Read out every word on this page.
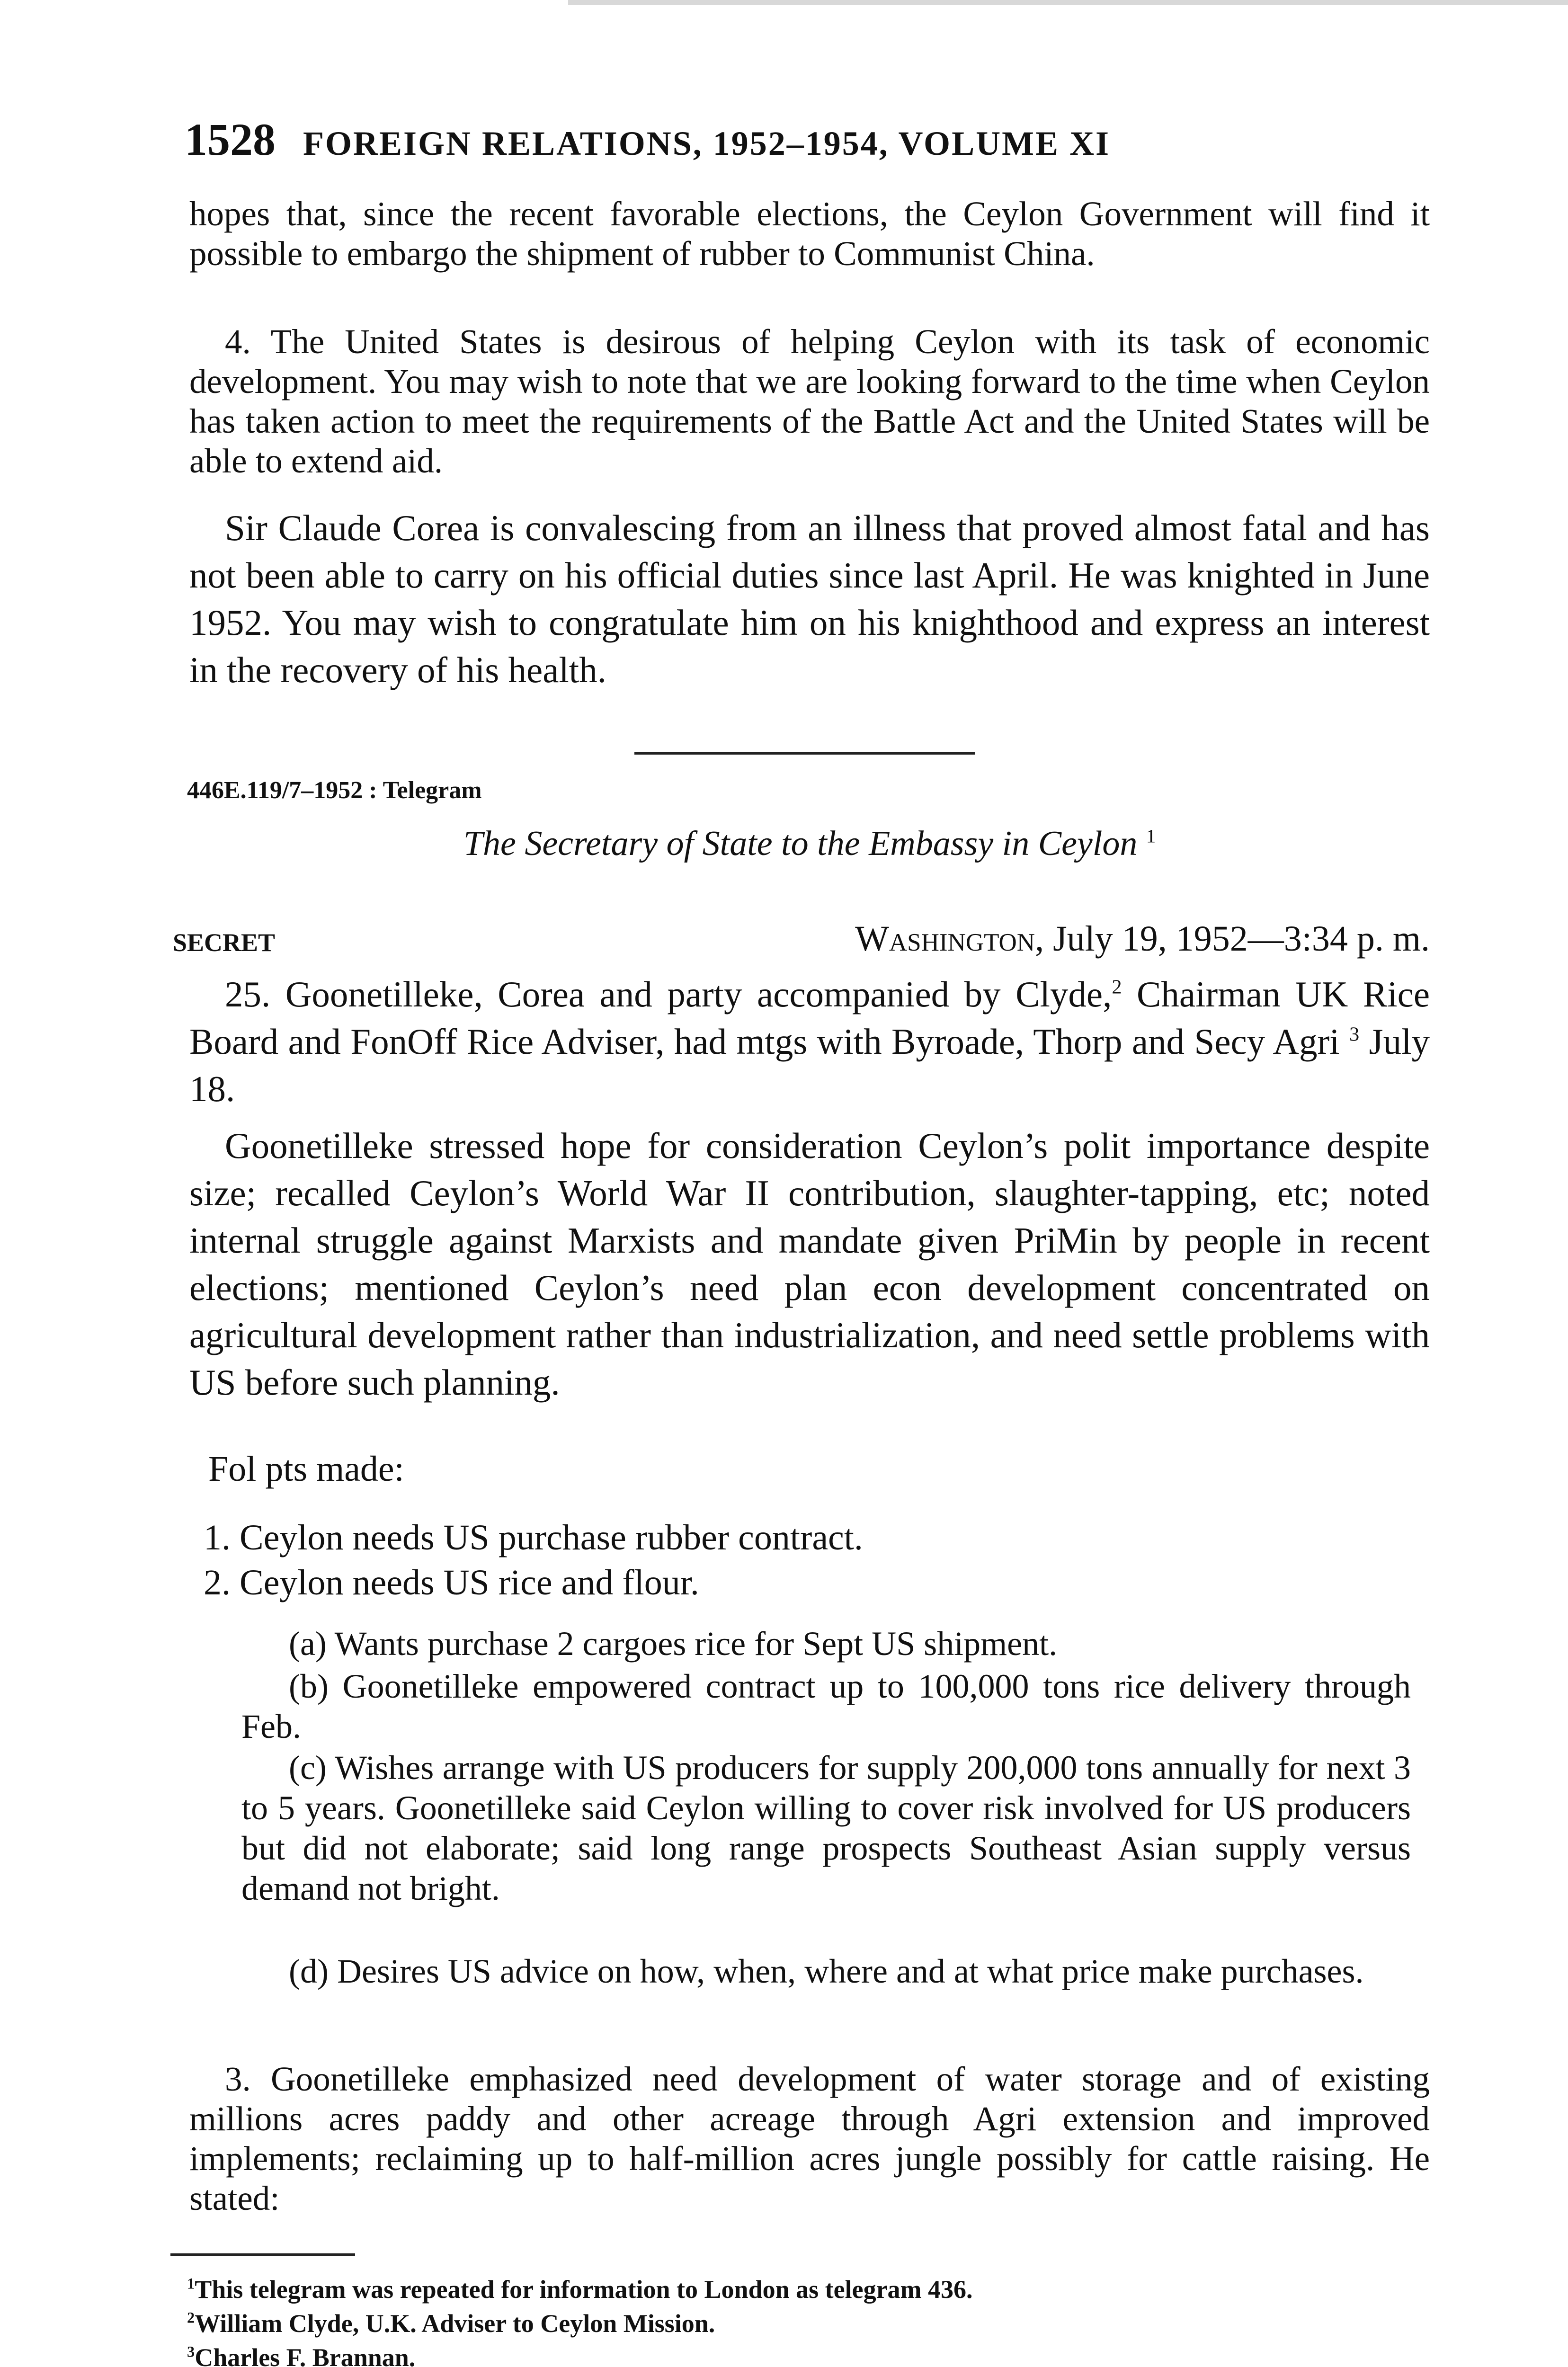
1528 FOREIGN RELATIONS, 1952–1954, VOLUME XI

hopes that, since the recent favorable elections, the Ceylon Government will find it possible to embargo the shipment of rubber to Communist China.

4. The United States is desirous of helping Ceylon with its task of economic development. You may wish to note that we are looking forward to the time when Ceylon has taken action to meet the requirements of the Battle Act and the United States will be able to extend aid.

Sir Claude Corea is convalescing from an illness that proved almost fatal and has not been able to carry on his official duties since last April. He was knighted in June 1952. You may wish to congratulate him on his knighthood and express an interest in the recovery of his health.

446E.119/7–1952 : Telegram
The Secretary of State to the Embassy in Ceylon $^1$
SECRET	Washington, July 19, 1952—3:34 p. m.

25. Goonetilleke, Corea and party accompanied by Clyde,$^2$ Chairman UK Rice Board and FonOff Rice Adviser, had mtgs with Byroade, Thorp and Secy Agri $^3$ July 18.

Goonetilleke stressed hope for consideration Ceylon’s polit importance despite size; recalled Ceylon’s World War II contribution, slaughter-tapping, etc; noted internal struggle against Marxists and mandate given PriMin by people in recent elections; mentioned Ceylon’s need plan econ development concentrated on agricultural development rather than industrialization, and need settle problems with US before such planning.

Fol pts made:
1. Ceylon needs US purchase rubber contract.
2. Ceylon needs US rice and flour.

(a) Wants purchase 2 cargoes rice for Sept US shipment.

(b) Goonetilleke empowered contract up to 100,000 tons rice delivery through Feb.

(c) Wishes arrange with US producers for supply 200,000 tons annually for next 3 to 5 years. Goonetilleke said Ceylon willing to cover risk involved for US producers but did not elaborate; said long range prospects Southeast Asian supply versus demand not bright.

(d) Desires US advice on how, when, where and at what price make purchases.

3. Goonetilleke emphasized need development of water storage and of existing millions acres paddy and other acreage through Agri extension and improved implements; reclaiming up to half-million acres jungle possibly for cattle raising. He stated:

$^1$This telegram was repeated for information to London as telegram 436.

$^2$William Clyde, U.K. Adviser to Ceylon Mission.

$^3$Charles F. Brannan.
